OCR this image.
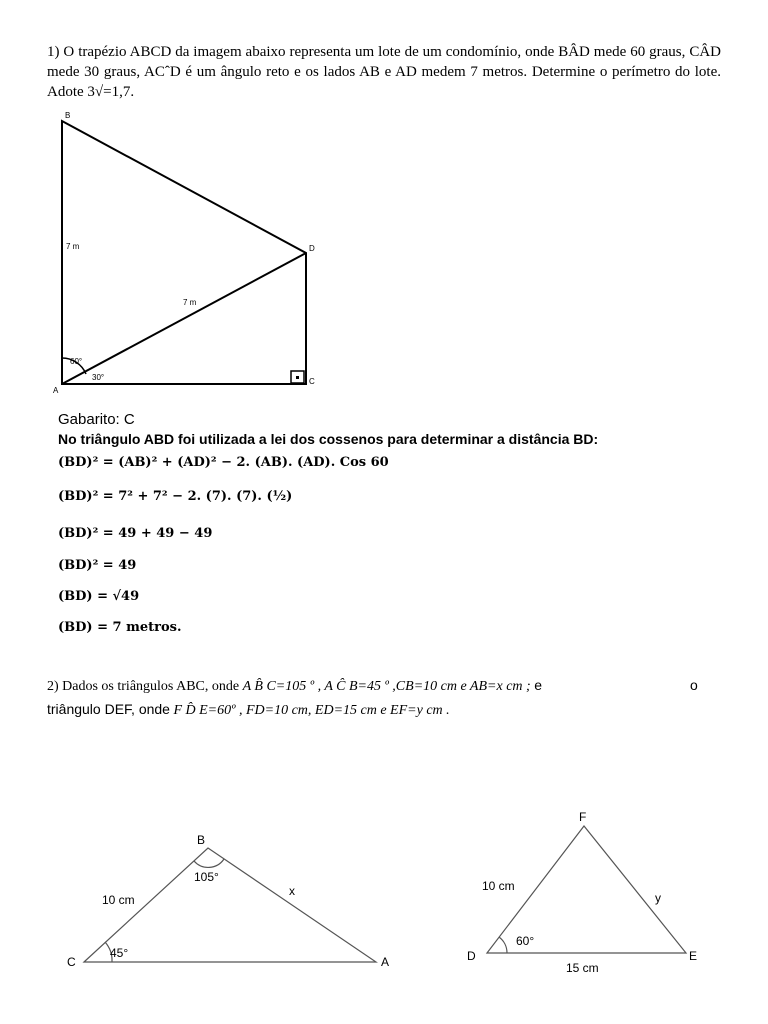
1) O trapézio ABCD da imagem abaixo representa um lote de um condomínio, onde BÂD mede 60 graus, CÂD mede 30 graus, ACˆD é um ângulo reto e os lados AB e AD medem 7 metros. Determine o perímetro do lote. Adote 3√=1,7.
B
D
A
C
7 m
7 m
60°
30°
Gabarito: C
No triângulo ABD foi utilizada a lei dos cossenos para determinar a distância BD:
(BD)² = (AB)² + (AD)² − 2. (AB). (AD). Cos 60
(BD)² = 7² + 7² − 2. (7). (7). (½)
(BD)² = 49 + 49 − 49
(BD)² = 49
(BD) = √49
(BD) = 7 metros.
2) Dados os triângulos ABC, onde A B̂ C=105 º , A Ĉ B=45 º ,CB=10 cm e AB=x cm ; e	o
triângulo DEF, onde F D̂ E=60º , FD=10 cm, ED=15 cm e EF=y cm .
B
C	A
10 cm
x
105°
45°
F
D	E
10 cm
y
15 cm
60°
